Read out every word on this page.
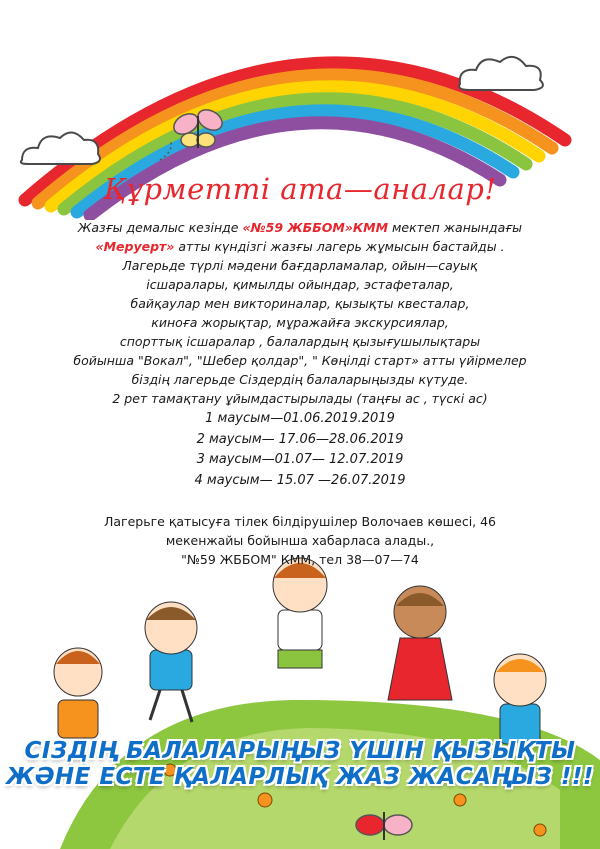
Құрметті ата—аналар!
Жазғы демалыс кезінде «№59 ЖББОМ»КММ мектеп жанындағы
«Меруерт» атты күндізгі жазғы лагерь жұмысын бастайды .
Лагерьде түрлі мәдени бағдарламалар, ойын—сауық
ісшаралары, қимылды ойындар, эстафеталар,
байқаулар мен викториналар, қызықты квесталар,
киноға жорықтар, мұражайға экскурсиялар,
спорттық ісшаралар , балалардың қызығушылықтары
бойынша "Вокал", "Шебер қолдар", " Көңілді старт» атты үйірмелер
біздің лагерьде Сіздердің балаларыңызды күтуде.
2 рет тамақтану ұйымдастырылады (таңғы ас , түскі ас)
1 маусым—01.06.2019.2019
2 маусым— 17.06—28.06.2019
3 маусым—01.07— 12.07.2019
4 маусым— 15.07 —26.07.2019
Лагерьге қатысуға тілек білдірушілер Волочаев көшесі, 46
мекенжайы бойынша хабарласа алады.,
"№59 ЖББОМ" КММ, тел 38—07—74
СІЗДІҢ БАЛАЛАРЫҢЫЗ ҮШІН ҚЫЗЫҚТЫ
ЖӘНЕ ЕСТЕ ҚАЛАРЛЫҚ ЖАЗ ЖАСАҢЫЗ !!!
